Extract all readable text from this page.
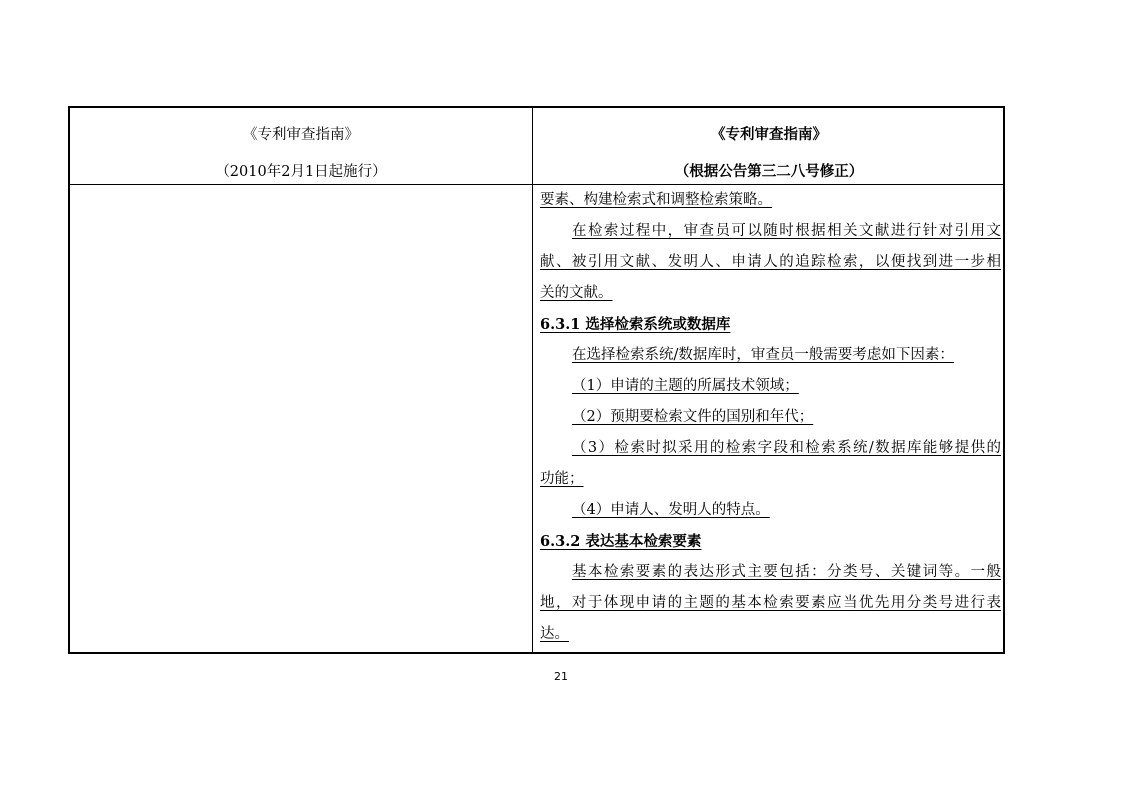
《专利审查指南》
（2010年2月1日起施行）
《专利审查指南》
（根据公告第三二八号修正）
要素、构建检索式和调整检索策略。
在检索过程中，审查员可以随时根据相关文献进行针对引用文
献、被引用文献、发明人、申请人的追踪检索，以便找到进一步相
关的文献。
6.3.1 选择检索系统或数据库
在选择检索系统/数据库时，审查员一般需要考虑如下因素：
（1）申请的主题的所属技术领域；
（2）预期要检索文件的国别和年代；
（3）检索时拟采用的检索字段和检索系统/数据库能够提供的
功能；
（4）申请人、发明人的特点。
6.3.2 表达基本检索要素
基本检索要素的表达形式主要包括：分类号、关键词等。一般
地，对于体现申请的主题的基本检索要素应当优先用分类号进行表
达。
21
